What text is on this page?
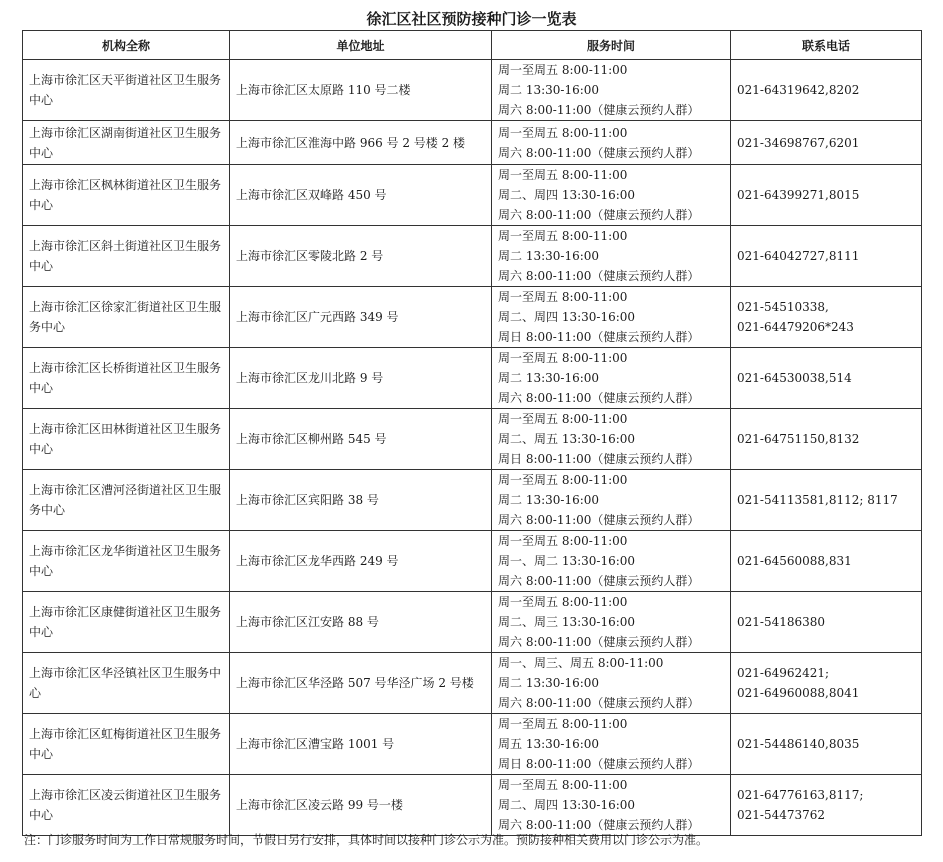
徐汇区社区预防接种门诊一览表
机构全称	单位地址	服务时间	联系电话
上海市徐汇区天平街道社区卫生服务中心	上海市徐汇区太原路 110 号二楼	周一至周五 8:00-11:00
周二 13:30-16:00
周六 8:00-11:00（健康云预约人群）	021-64319642,8202
上海市徐汇区湖南街道社区卫生服务中心	上海市徐汇区淮海中路 966 号 2 号楼 2 楼	周一至周五 8:00-11:00
周六 8:00-11:00（健康云预约人群）	021-34698767,6201
上海市徐汇区枫林街道社区卫生服务中心	上海市徐汇区双峰路 450 号	周一至周五 8:00-11:00
周二、周四 13:30-16:00
周六 8:00-11:00（健康云预约人群）	021-64399271,8015
上海市徐汇区斜土街道社区卫生服务中心	上海市徐汇区零陵北路 2 号	周一至周五 8:00-11:00
周二 13:30-16:00
周六 8:00-11:00（健康云预约人群）	021-64042727,8111
上海市徐汇区徐家汇街道社区卫生服务中心	上海市徐汇区广元西路 349 号	周一至周五 8:00-11:00
周二、周四 13:30-16:00
周日 8:00-11:00（健康云预约人群）	021-54510338,
021-64479206*243

上海市徐汇区长桥街道社区卫生服务中心	上海市徐汇区龙川北路 9 号	周一至周五 8:00-11:00
周二 13:30-16:00
周六 8:00-11:00（健康云预约人群）	021-64530038,514
上海市徐汇区田林街道社区卫生服务中心	上海市徐汇区柳州路 545 号	周一至周五 8:00-11:00
周二、周五 13:30-16:00
周日 8:00-11:00（健康云预约人群）	021-64751150,8132
上海市徐汇区漕河泾街道社区卫生服务中心	上海市徐汇区宾阳路 38 号	周一至周五 8:00-11:00
周二 13:30-16:00
周六 8:00-11:00（健康云预约人群）	021-54113581,8112; 8117
上海市徐汇区龙华街道社区卫生服务中心	上海市徐汇区龙华西路 249 号	周一至周五 8:00-11:00
周一、周二 13:30-16:00
周六 8:00-11:00（健康云预约人群）	021-64560088,831
上海市徐汇区康健街道社区卫生服务中心	上海市徐汇区江安路 88 号	周一至周五 8:00-11:00
周二、周三 13:30-16:00
周六 8:00-11:00（健康云预约人群）	021-54186380
上海市徐汇区华泾镇社区卫生服务中心	上海市徐汇区华泾路 507 号华泾广场 2 号楼	周一、周三、周五 8:00-11:00
周二 13:30-16:00
周六 8:00-11:00（健康云预约人群）	021-64962421;
021-64960088,8041

上海市徐汇区虹梅街道社区卫生服务中心	上海市徐汇区漕宝路 1001 号	周一至周五 8:00-11:00
周五 13:30-16:00
周日 8:00-11:00（健康云预约人群）	021-54486140,8035
上海市徐汇区凌云街道社区卫生服务中心	上海市徐汇区凌云路 99 号一楼	周一至周五 8:00-11:00
周二、周四 13:30-16:00
周六 8:00-11:00（健康云预约人群）	021-64776163,8117;
021-54473762
注：门诊服务时间为工作日常规服务时间，节假日另行安排，具体时间以接种门诊公示为准。预防接种相关费用以门诊公示为准。
